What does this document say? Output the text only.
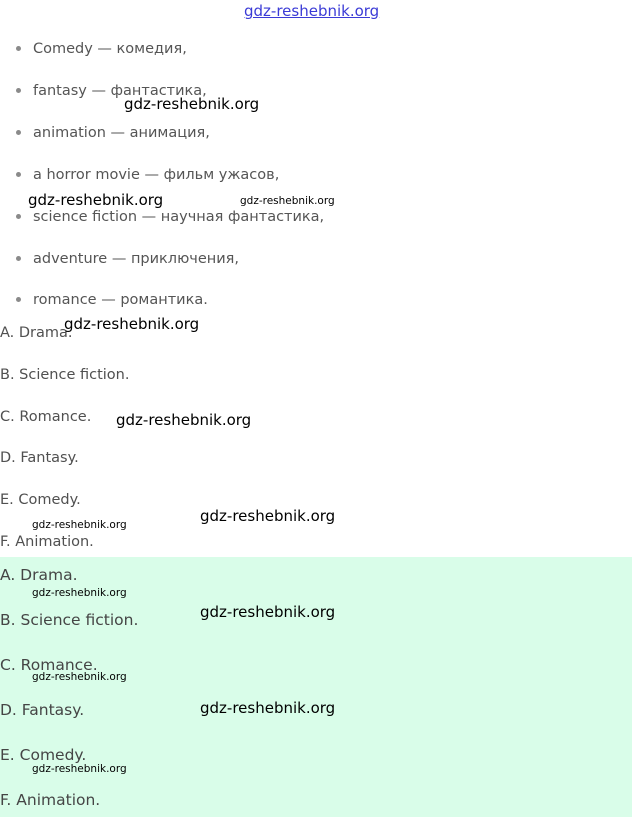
gdz-reshebnik.org
Comedy — комедия,
fantasy — фантастика,
animation — анимация,
a horror movie — фильм ужасов,
science fiction — научная фантастика,
adventure — приключения,
romance — романтика.
A. Drama.
B. Science fiction.
C. Romance.
D. Fantasy.
E. Comedy.
F. Animation.
A. Drama.
B. Science fiction.
C. Romance.
D. Fantasy.
E. Comedy.
F. Animation.
gdz-reshebnik.org
gdz-reshebnik.org	gdz-reshebnik.org
gdz-reshebnik.org
gdz-reshebnik.org
gdz-reshebnik.org
gdz-reshebnik.org
gdz-reshebnik.org
gdz-reshebnik.org
gdz-reshebnik.org
gdz-reshebnik.org
gdz-reshebnik.org
